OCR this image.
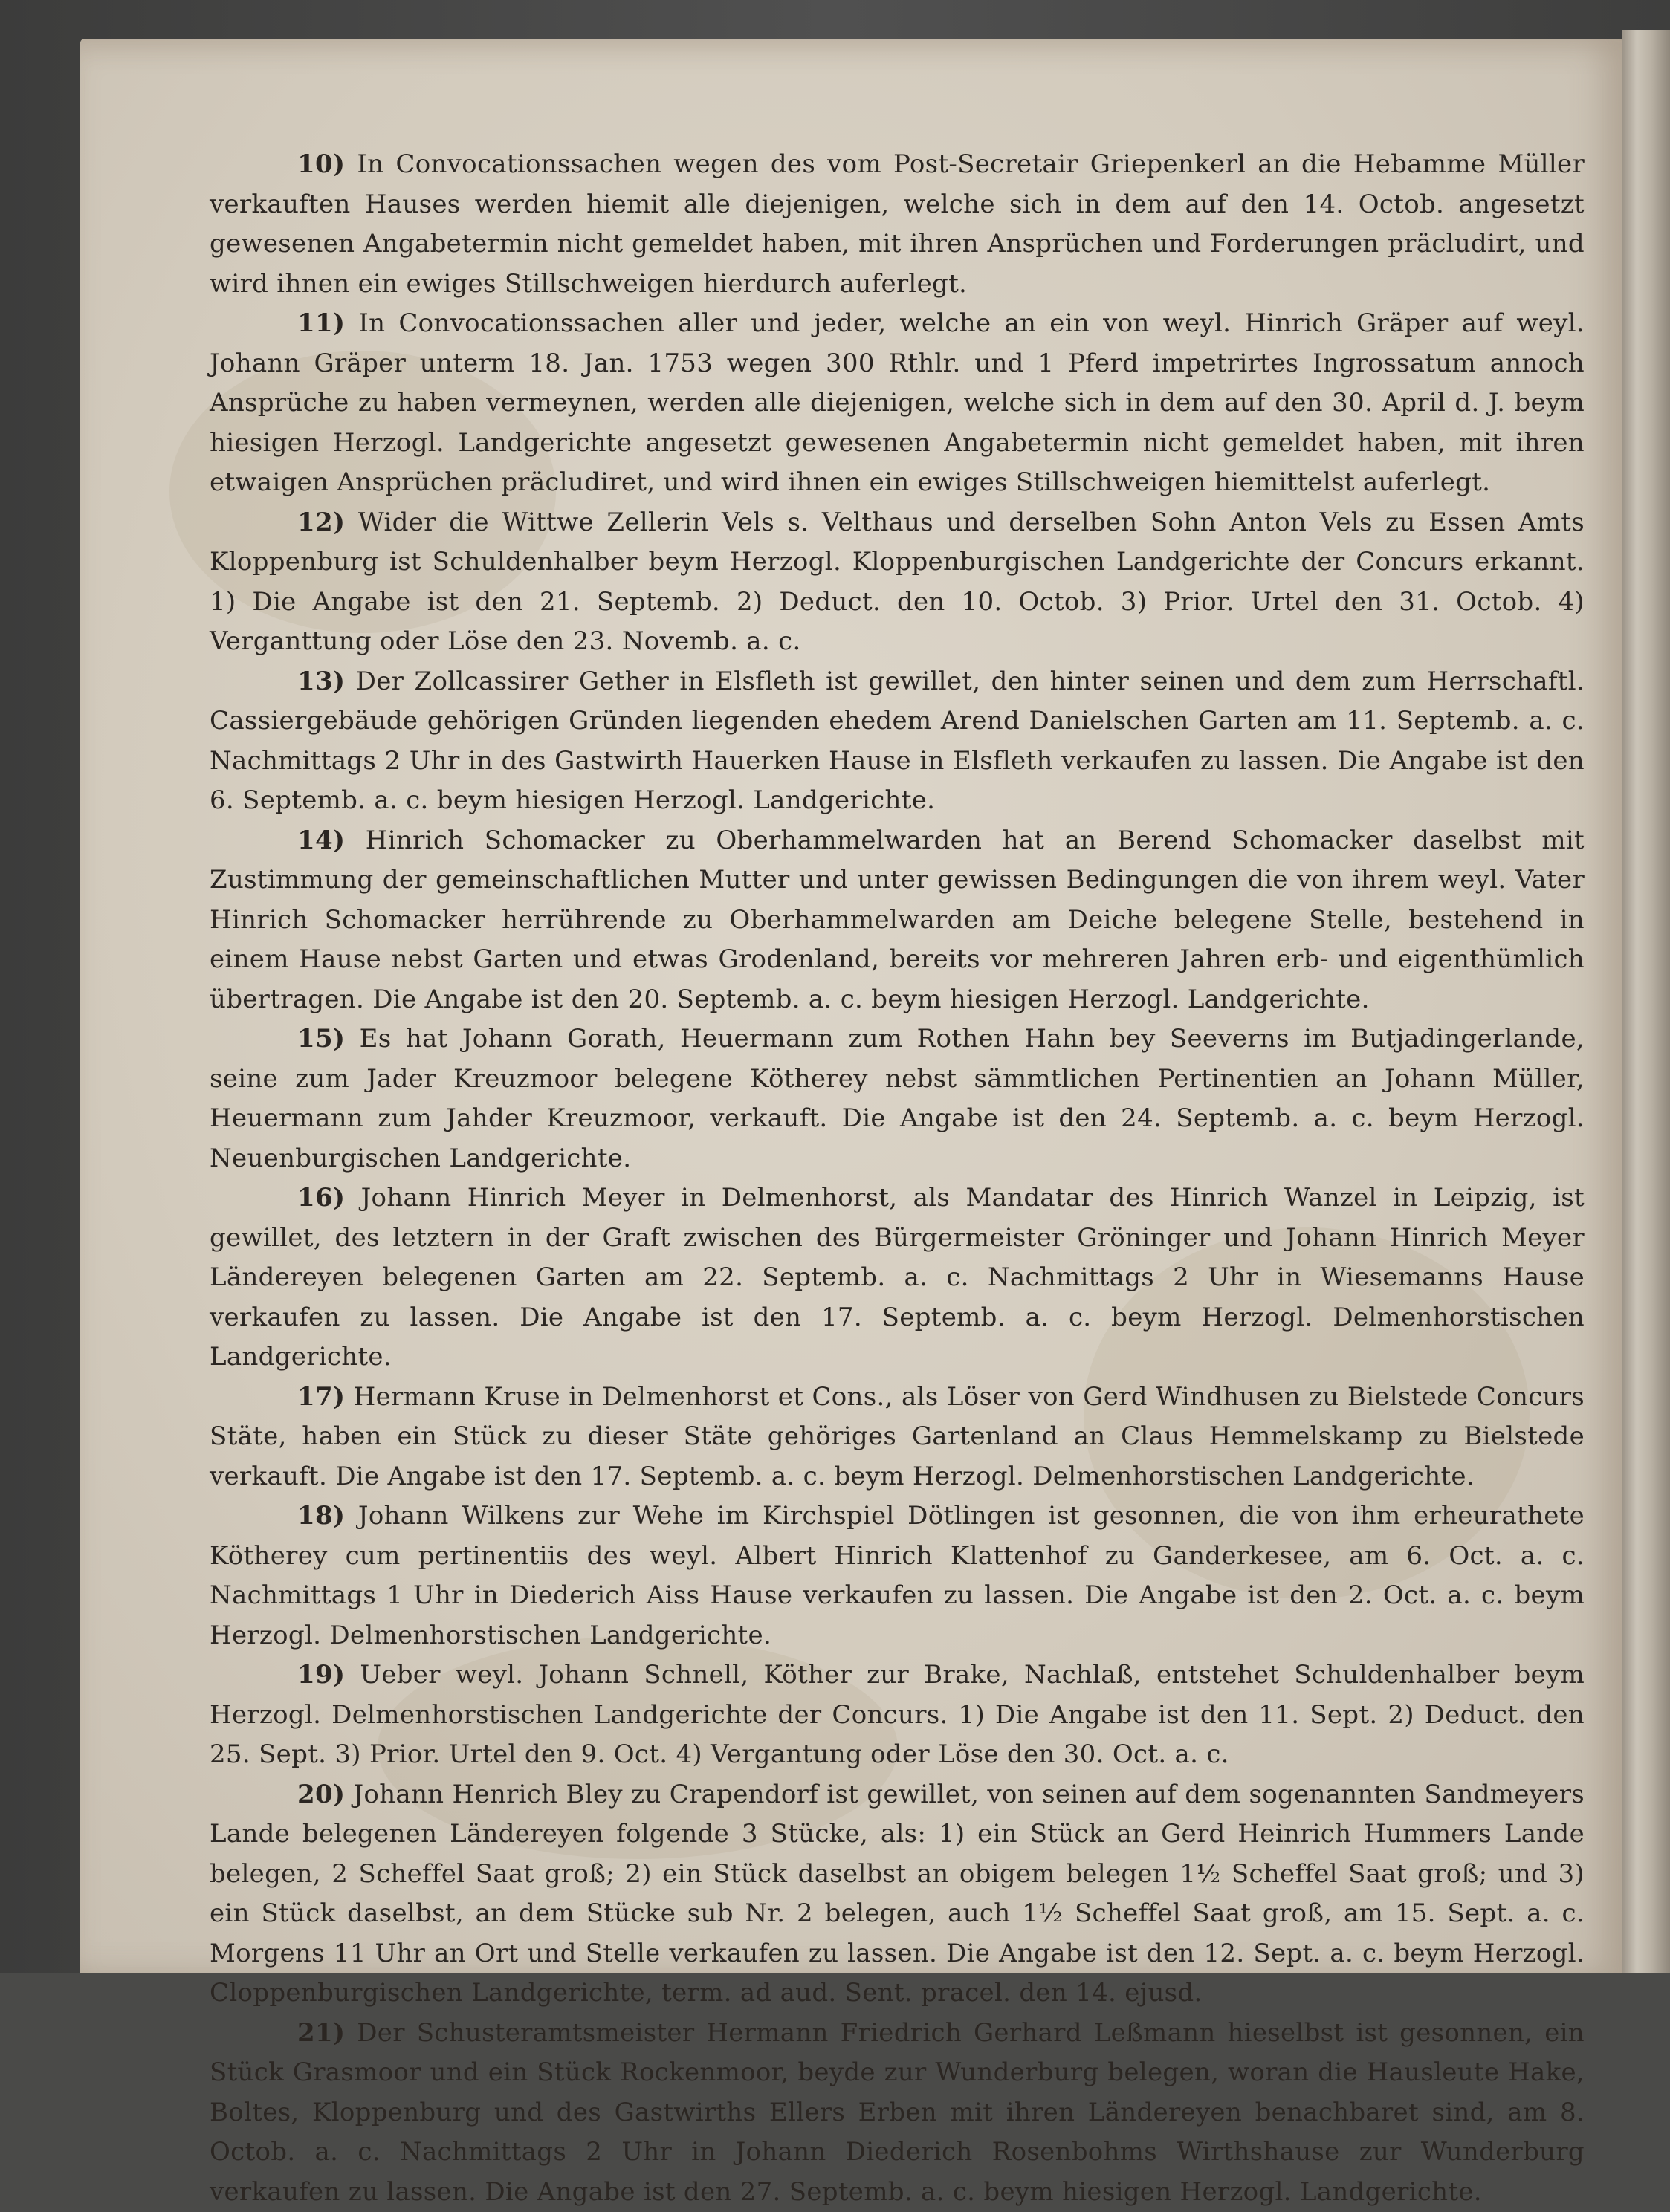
10) In Convocationssachen wegen des vom Post-Secretair Griepenkerl an die Hebamme Müller verkauften Hauses werden hiemit alle diejenigen, welche sich in dem auf den 14. Octob. angesetzt gewesenen Angabetermin nicht gemeldet haben, mit ihren Ansprüchen und Forderungen präcludirt, und wird ihnen ein ewiges Stillschweigen hierdurch auferlegt.

11) In Convocationssachen aller und jeder, welche an ein von weyl. Hinrich Gräper auf weyl. Johann Gräper unterm 18. Jan. 1753 wegen 300 Rthlr. und 1 Pferd impetrirtes Ingrossatum annoch Ansprüche zu haben vermeynen, werden alle diejenigen, welche sich in dem auf den 30. April d. J. beym hiesigen Herzogl. Landgerichte angesetzt gewesenen Angabetermin nicht gemeldet haben, mit ihren etwaigen Ansprüchen präcludiret, und wird ihnen ein ewiges Stillschweigen hiemittelst auferlegt.

12) Wider die Wittwe Zellerin Vels s. Velthaus und derselben Sohn Anton Vels zu Essen Amts Kloppenburg ist Schuldenhalber beym Herzogl. Kloppenburgischen Landgerichte der Concurs erkannt. 1) Die Angabe ist den 21. Septemb. 2) Deduct. den 10. Octob. 3) Prior. Urtel den 31. Octob. 4) Verganttung oder Löse den 23. Novemb. a. c.

13) Der Zollcassirer Gether in Elsfleth ist gewillet, den hinter seinen und dem zum Herrschaftl. Cassiergebäude gehörigen Gründen liegenden ehedem Arend Danielschen Garten am 11. Septemb. a. c. Nachmittags 2 Uhr in des Gastwirth Hauerken Hause in Elsfleth verkaufen zu lassen. Die Angabe ist den 6. Septemb. a. c. beym hiesigen Herzogl. Landgerichte.

14) Hinrich Schomacker zu Oberhammelwarden hat an Berend Schomacker daselbst mit Zustimmung der gemeinschaftlichen Mutter und unter gewissen Bedingungen die von ihrem weyl. Vater Hinrich Schomacker herrührende zu Oberhammelwarden am Deiche belegene Stelle, bestehend in einem Hause nebst Garten und etwas Grodenland, bereits vor mehreren Jahren erb- und eigenthümlich übertragen. Die Angabe ist den 20. Septemb. a. c. beym hiesigen Herzogl. Landgerichte.

15) Es hat Johann Gorath, Heuermann zum Rothen Hahn bey Seeverns im Butjadingerlande, seine zum Jader Kreuzmoor belegene Kötherey nebst sämmtlichen Pertinentien an Johann Müller, Heuermann zum Jahder Kreuzmoor, verkauft. Die Angabe ist den 24. Septemb. a. c. beym Herzogl. Neuenburgischen Landgerichte.

16) Johann Hinrich Meyer in Delmenhorst, als Mandatar des Hinrich Wanzel in Leipzig, ist gewillet, des letztern in der Graft zwischen des Bürgermeister Gröninger und Johann Hinrich Meyer Ländereyen belegenen Garten am 22. Septemb. a. c. Nachmittags 2 Uhr in Wiesemanns Hause verkaufen zu lassen. Die Angabe ist den 17. Septemb. a. c. beym Herzogl. Delmenhorstischen Landgerichte.

17) Hermann Kruse in Delmenhorst et Cons., als Löser von Gerd Windhusen zu Bielstede Concurs Stäte, haben ein Stück zu dieser Stäte gehöriges Gartenland an Claus Hemmelskamp zu Bielstede verkauft. Die Angabe ist den 17. Septemb. a. c. beym Herzogl. Delmenhorstischen Landgerichte.

18) Johann Wilkens zur Wehe im Kirchspiel Dötlingen ist gesonnen, die von ihm erheurathete Kötherey cum pertinentiis des weyl. Albert Hinrich Klattenhof zu Ganderkesee, am 6. Oct. a. c. Nachmittags 1 Uhr in Diederich Aiss Hause verkaufen zu lassen. Die Angabe ist den 2. Oct. a. c. beym Herzogl. Delmenhorstischen Landgerichte.

19) Ueber weyl. Johann Schnell, Köther zur Brake, Nachlaß, entstehet Schuldenhalber beym Herzogl. Delmenhorstischen Landgerichte der Concurs. 1) Die Angabe ist den 11. Sept. 2) Deduct. den 25. Sept. 3) Prior. Urtel den 9. Oct. 4) Vergantung oder Löse den 30. Oct. a. c.

20) Johann Henrich Bley zu Crapendorf ist gewillet, von seinen auf dem sogenannten Sandmeyers Lande belegenen Ländereyen folgende 3 Stücke, als: 1) ein Stück an Gerd Heinrich Hummers Lande belegen, 2 Scheffel Saat groß; 2) ein Stück daselbst an obigem belegen 1½ Scheffel Saat groß; und 3) ein Stück daselbst, an dem Stücke sub Nr. 2 belegen, auch 1½ Scheffel Saat groß, am 15. Sept. a. c. Morgens 11 Uhr an Ort und Stelle verkaufen zu lassen. Die Angabe ist den 12. Sept. a. c. beym Herzogl. Cloppenburgischen Landgerichte, term. ad aud. Sent. pracel. den 14. ejusd.

21) Der Schusteramtsmeister Hermann Friedrich Gerhard Leßmann hieselbst ist gesonnen, ein Stück Grasmoor und ein Stück Rockenmoor, beyde zur Wunderburg belegen, woran die Hausleute Hake, Boltes, Kloppenburg und des Gastwirths Ellers Erben mit ihren Ländereyen benachbaret sind, am 8. Octob. a. c. Nachmittags 2 Uhr in Johann Diederich Rosenbohms Wirthshause zur Wunderburg verkaufen zu lassen. Die Angabe ist den 27. Septemb. a. c. beym hiesigen Herzogl. Landgerichte.
